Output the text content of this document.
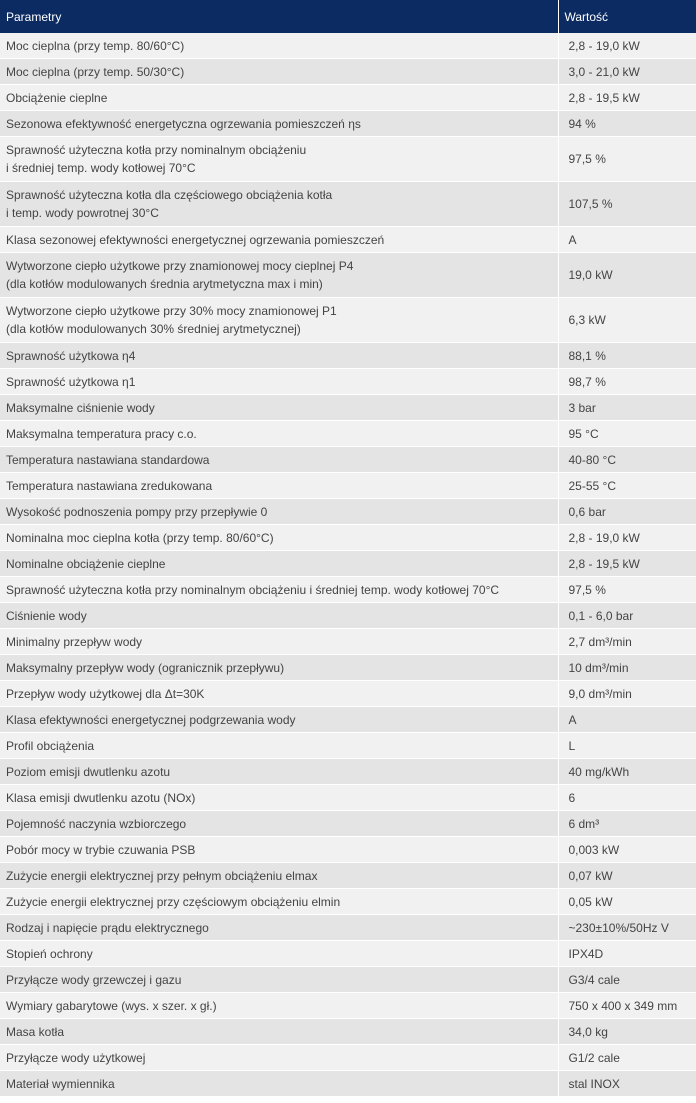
Parametry	Wartość

Moc cieplna (przy temp. 80/60°C)	2,8 - 19,0 kW

Moc cieplna (przy temp. 50/30°C)	3,0 - 21,0 kW

Obciążenie cieplne	2,8 - 19,5 kW

Sezonowa efektywność energetyczna ogrzewania pomieszczeń ηs	94 %

Sprawność użyteczna kotła przy nominalnym obciążeniu
i średniej temp. wody kotłowej 70°C	97,5 %

Sprawność użyteczna kotła dla częściowego obciążenia kotła
i temp. wody powrotnej 30°C	107,5 %

Klasa sezonowej efektywności energetycznej ogrzewania pomieszczeń	A

Wytworzone ciepło użytkowe przy znamionowej mocy cieplnej P4
(dla kotłów modulowanych średnia arytmetyczna max i min)	19,0 kW

Wytworzone ciepło użytkowe przy 30% mocy znamionowej P1
(dla kotłów modulowanych 30% średniej arytmetycznej)	6,3 kW

Sprawność użytkowa η4	88,1 %

Sprawność użytkowa η1	98,7 %

Maksymalne ciśnienie wody	3 bar

Maksymalna temperatura pracy c.o.	95 °C

Temperatura nastawiana standardowa	40-80 °C

Temperatura nastawiana zredukowana	25-55 °C

Wysokość podnoszenia pompy przy przepływie 0	0,6 bar

Nominalna moc cieplna kotła (przy temp. 80/60°C)	2,8 - 19,0 kW

Nominalne obciążenie cieplne	2,8 - 19,5 kW

Sprawność użyteczna kotła przy nominalnym obciążeniu i średniej temp. wody kotłowej 70°C	97,5 %

Ciśnienie wody	0,1 - 6,0 bar

Minimalny przepływ wody	2,7 dm³/min

Maksymalny przepływ wody (ogranicznik przepływu)	10 dm³/min

Przepływ wody użytkowej dla Δt=30K	9,0 dm³/min

Klasa efektywności energetycznej podgrzewania wody	A

Profil obciążenia	L

Poziom emisji dwutlenku azotu	40 mg/kWh

Klasa emisji dwutlenku azotu (NOx)	6

Pojemność naczynia wzbiorczego	6 dm³

Pobór mocy w trybie czuwania PSB	0,003 kW

Zużycie energii elektrycznej przy pełnym obciążeniu elmax	0,07 kW

Zużycie energii elektrycznej przy częściowym obciążeniu elmin	0,05 kW

Rodzaj i napięcie prądu elektrycznego	~230±10%/50Hz V

Stopień ochrony	IPX4D

Przyłącze wody grzewczej i gazu	G3/4 cale

Wymiary gabarytowe (wys. x szer. x gł.)	750 x 400 x 349 mm

Masa kotła	34,0 kg

Przyłącze wody użytkowej	G1/2 cale

Materiał wymiennika	stal INOX
